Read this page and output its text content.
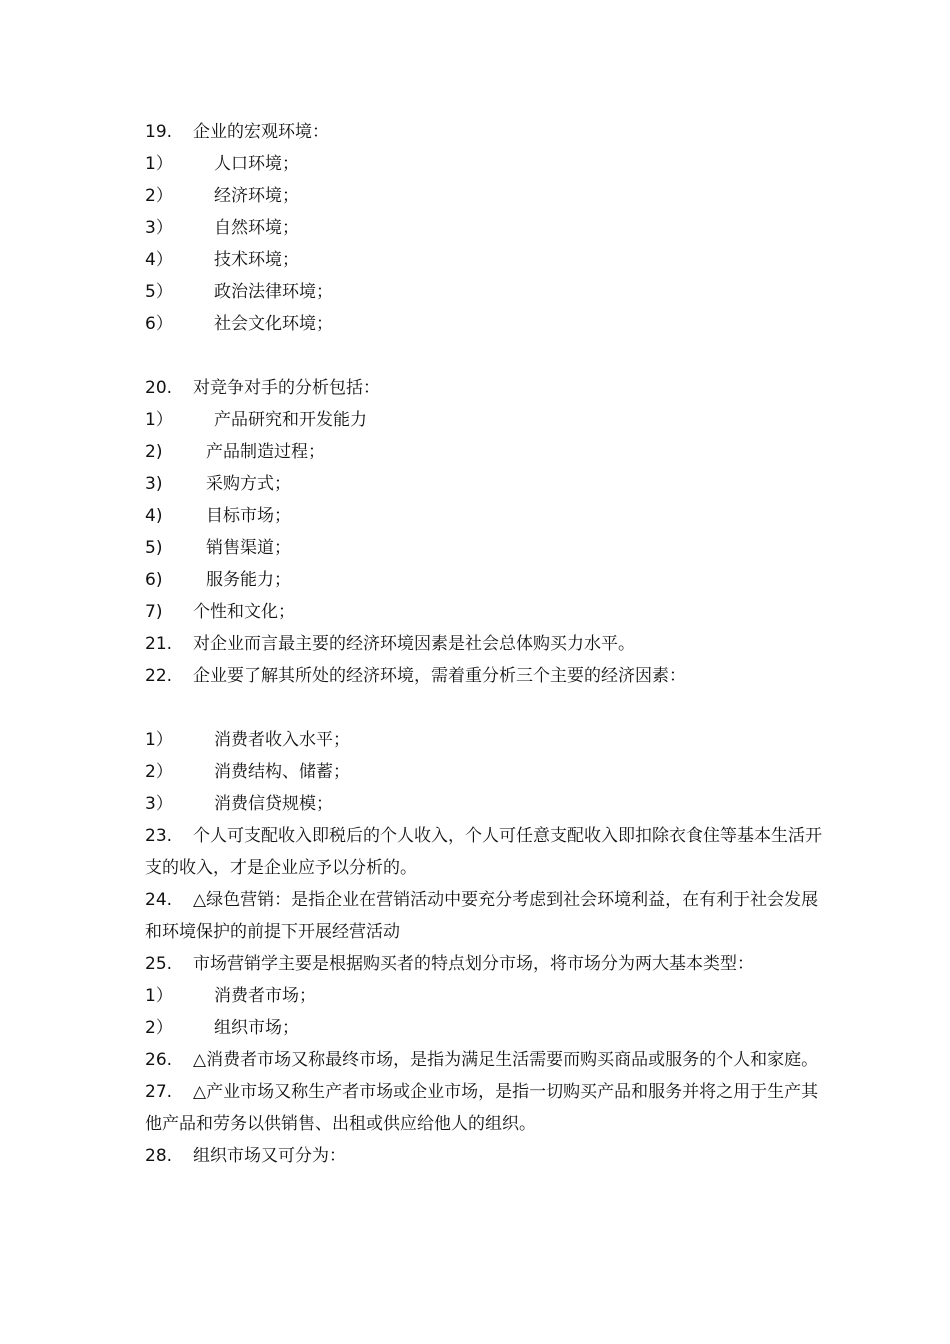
19.	企业的宏观环境：
1）	人口环境；
2）	经济环境；
3）	自然环境；
4）	技术环境；
5）	政治法律环境；
6）	社会文化环境；
20.	对竞争对手的分析包括：
1）	产品研究和开发能力
2)	产品制造过程；
3)	采购方式；
4)	目标市场；
5)	销售渠道；
6)	服务能力；
7)	个性和文化；
21.	对企业而言最主要的经济环境因素是社会总体购买力水平。
22.	企业要了解其所处的经济环境，需着重分析三个主要的经济因素：
1）	消费者收入水平；
2）	消费结构、储蓄；
3）	消费信贷规模；
23. 个人可支配收入即税后的个人收入，个人可任意支配收入即扣除衣食住等基本生活开支的收入，才是企业应予以分析的。
24. △绿色营销：是指企业在营销活动中要充分考虑到社会环境利益，在有利于社会发展和环境保护的前提下开展经营活动
25.	市场营销学主要是根据购买者的特点划分市场，将市场分为两大基本类型：
1）	消费者市场；
2）	组织市场；
26. △消费者市场又称最终市场，是指为满足生活需要而购买商品或服务的个人和家庭。
27. △产业市场又称生产者市场或企业市场，是指一切购买产品和服务并将之用于生产其他产品和劳务以供销售、出租或供应给他人的组织。
28.	组织市场又可分为：
